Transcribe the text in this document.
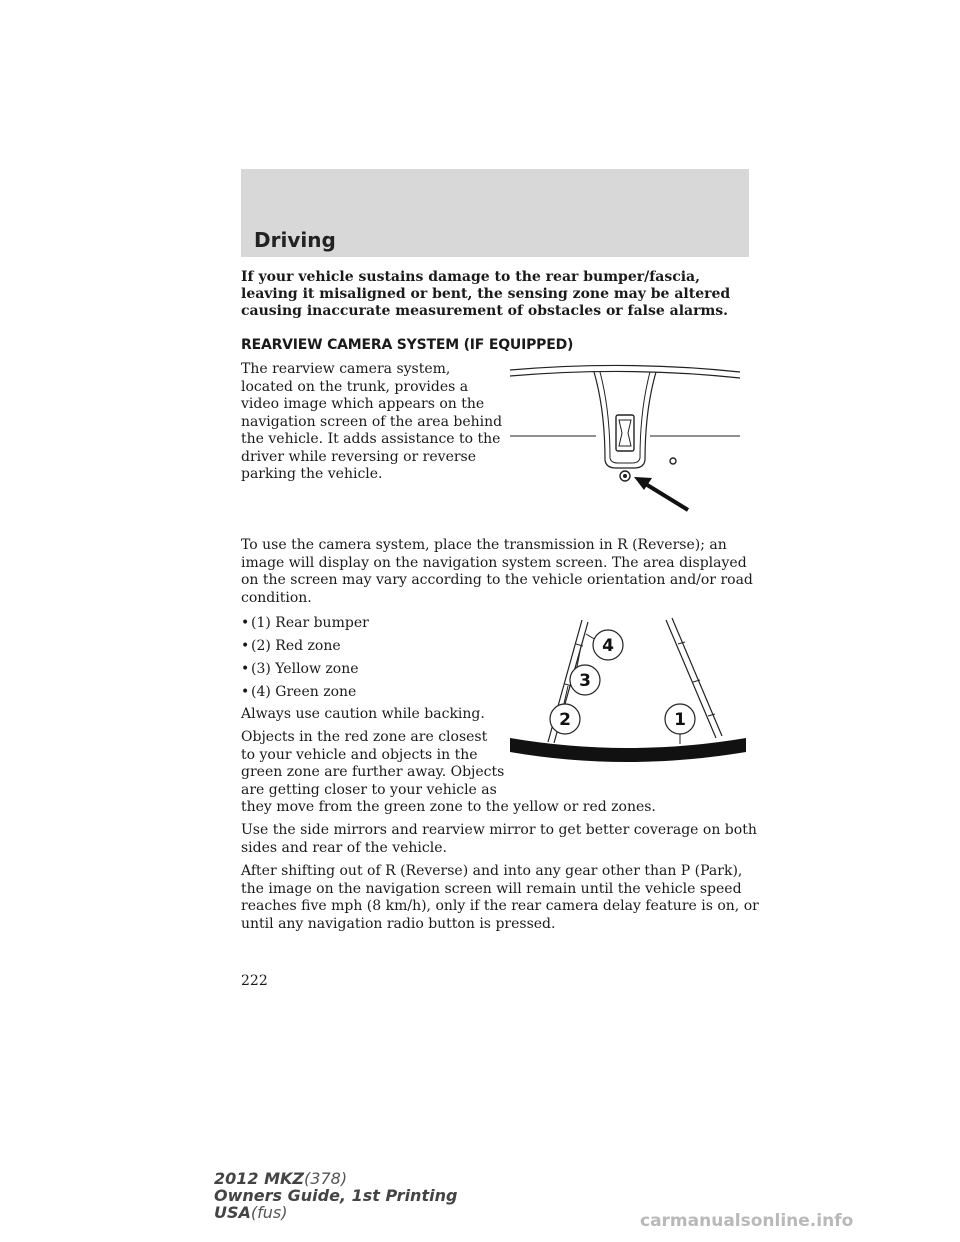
Driving

If your vehicle sustains damage to the rear bumper/fascia, leaving it misaligned or bent, the sensing zone may be altered causing inaccurate measurement of obstacles or false alarms.

REARVIEW CAMERA SYSTEM (IF EQUIPPED)

The rearview camera system,

located on the trunk, provides a

video image which appears on the

navigation screen of the area behind

the vehicle. It adds assistance to the

driver while reversing or reverse

parking the vehicle.

To use the camera system, place the transmission in R (Reverse); an

image will display on the navigation system screen. The area displayed

on the screen may vary according to the vehicle orientation and/or road

condition.

• (1) Rear bumper
• (2) Red zone
• (3) Yellow zone
• (4) Green zone

Always use caution while backing.

Objects in the red zone are closest

to your vehicle and objects in the

green zone are further away. Objects

are getting closer to your vehicle as

they move from the green zone to the yellow or red zones.

4
3
2	1

Use the side mirrors and rearview mirror to get better coverage on both

sides and rear of the vehicle.

After shifting out of R (Reverse) and into any gear other than P (Park),

the image on the navigation screen will remain until the vehicle speed

reaches five mph (8 km/h), only if the rear camera delay feature is on, or

until any navigation radio button is pressed.

222

2012 MKZ(378)
Owners Guide, 1st Printing
USA(fus)	carmanualsonline.info
